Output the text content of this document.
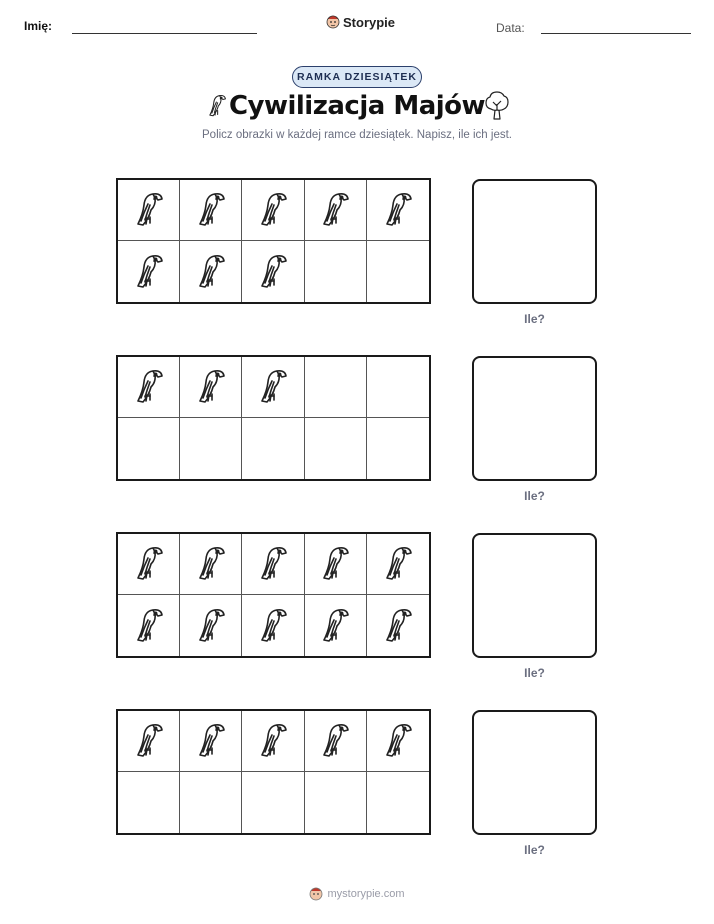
Imię:	Storypie	Data:
RAMKA DZIESIĄTEK
Cywilizacja Majów
Policz obrazki w każdej ramce dziesiątek. Napisz, ile ich jest.
Ile?
Ile?
Ile?
Ile?
mystorypie.com
